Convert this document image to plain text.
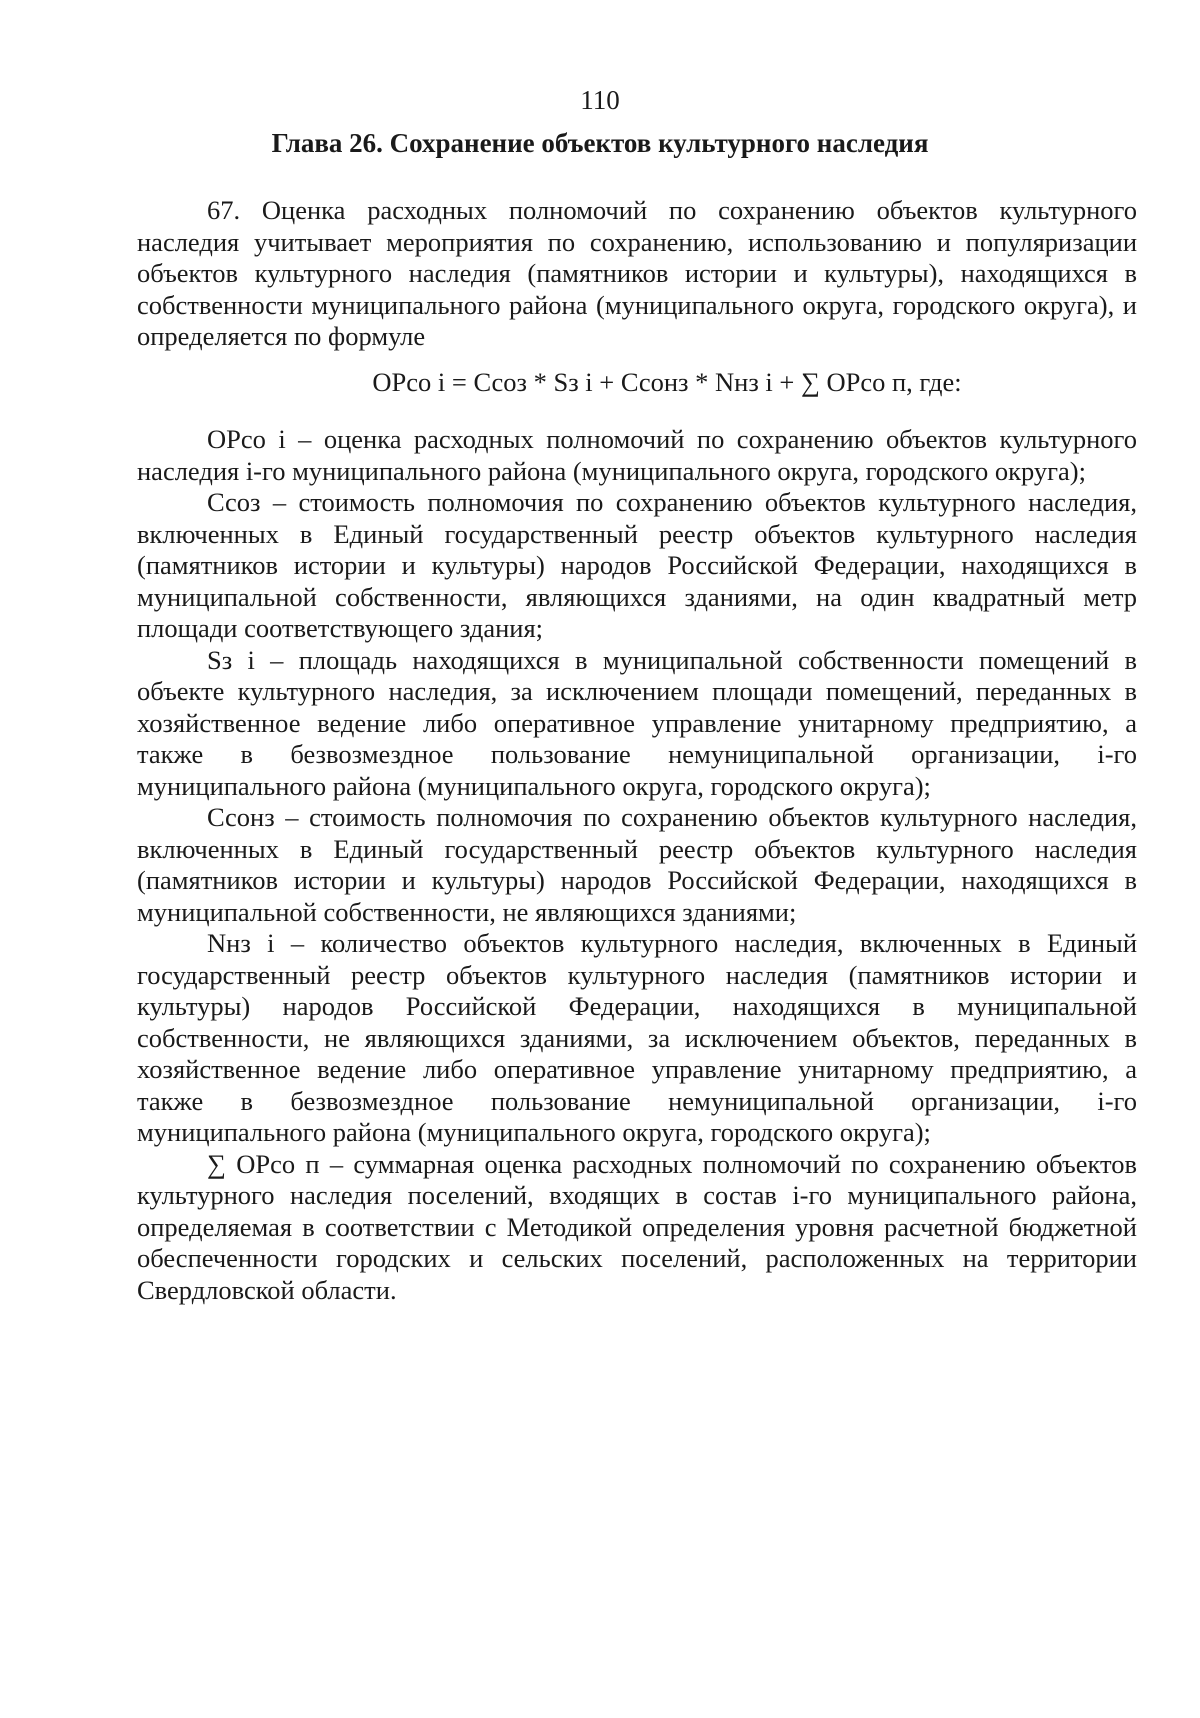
110
Глава 26. Сохранение объектов культурного наследия

67. Оценка расходных полномочий по сохранению объектов культурного наследия учитывает мероприятия по сохранению, использованию и популяризации объектов культурного наследия (памятников истории и культуры), находящихся в собственности муниципального района (муниципального округа, городского округа), и определяется по формуле

ОРсо i = Ссоз * Sз i + Ссонз * Nнз i + ∑ ОРсо п, где:

ОРсо i – оценка расходных полномочий по сохранению объектов культурного наследия i-го муниципального района (муниципального округа, городского округа);

Ссоз – стоимость полномочия по сохранению объектов культурного наследия, включенных в Единый государственный реестр объектов культурного наследия (памятников истории и культуры) народов Российской Федерации, находящихся в муниципальной собственности, являющихся зданиями, на один квадратный метр площади соответствующего здания;

Sз i – площадь находящихся в муниципальной собственности помещений в объекте культурного наследия, за исключением площади помещений, переданных в хозяйственное ведение либо оперативное управление унитарному предприятию, а также в безвозмездное пользование немуниципальной организации, i-го муниципального района (муниципального округа, городского округа);

Ссонз – стоимость полномочия по сохранению объектов культурного наследия, включенных в Единый государственный реестр объектов культурного наследия (памятников истории и культуры) народов Российской Федерации, находящихся в муниципальной собственности, не являющихся зданиями;

Nнз i – количество объектов культурного наследия, включенных в Единый государственный реестр объектов культурного наследия (памятников истории и культуры) народов Российской Федерации, находящихся в муниципальной собственности, не являющихся зданиями, за исключением объектов, переданных в хозяйственное ведение либо оперативное управление унитарному предприятию, а также в безвозмездное пользование немуниципальной организации, i-го муниципального района (муниципального округа, городского округа);

∑ ОРсо п – суммарная оценка расходных полномочий по сохранению объектов культурного наследия поселений, входящих в состав i-го муниципального района, определяемая в соответствии с Методикой определения уровня расчетной бюджетной обеспеченности городских и сельских поселений, расположенных на территории Свердловской области.
